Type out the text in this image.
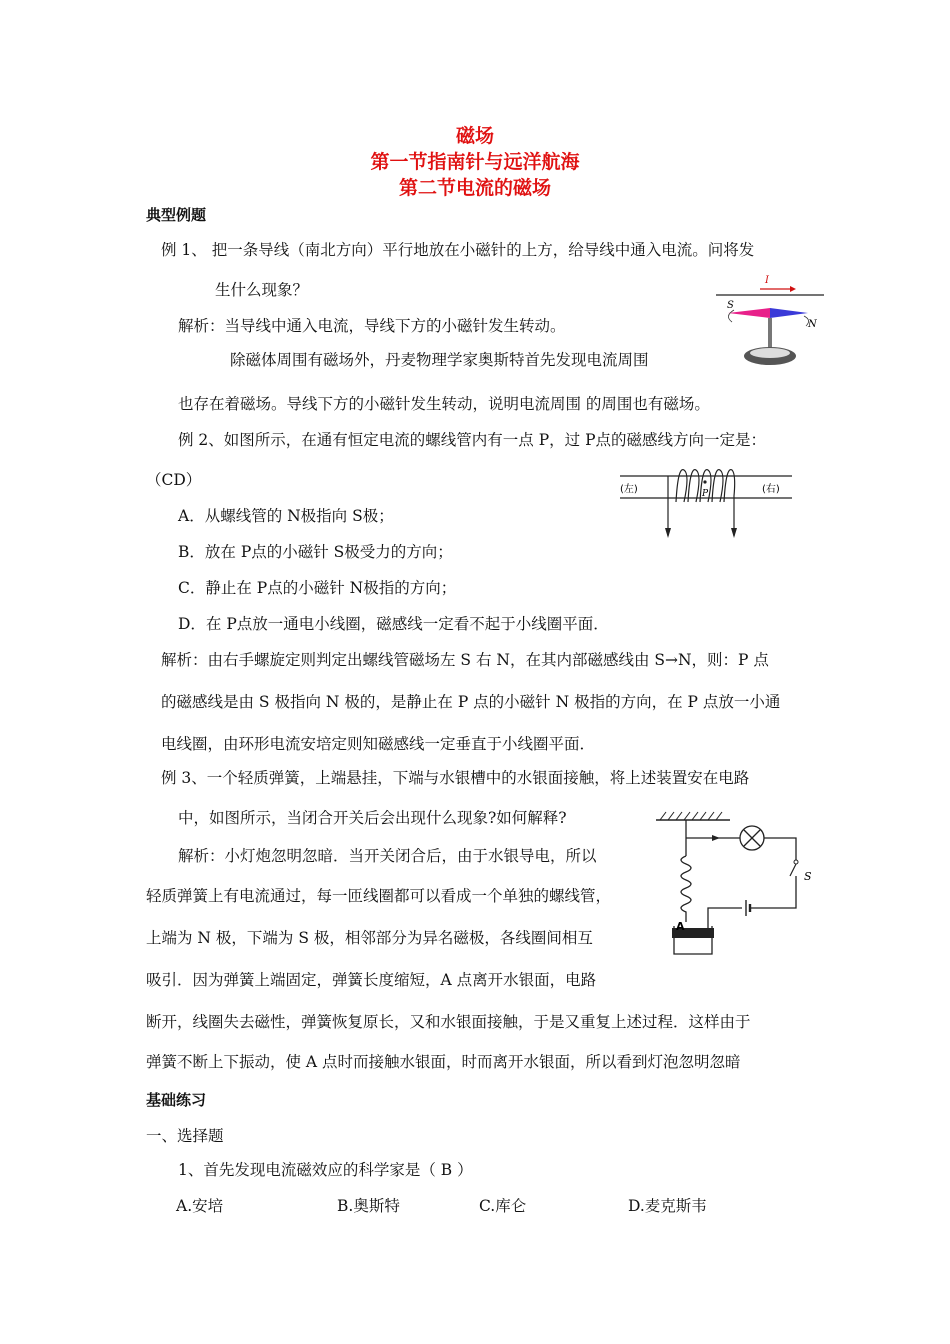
磁场
第一节指南针与远洋航海
第二节电流的磁场
典型例题
例 1、 把一条导线（南北方向）平行地放在小磁针的上方，给导线中通入电流。问将发
生什么现象？
解析：当导线中通入电流，导线下方的小磁针发生转动。
除磁体周围有磁场外，丹麦物理学家奥斯特首先发现电流周围
也存在着磁场。导线下方的小磁针发生转动，说明电流周围 的周围也有磁场。
I
S
N
例 2、如图所示，在通有恒定电流的螺线管内有一点 P，过 P点的磁感线方向一定是：
（CD）
A．从螺线管的 N极指向 S极；
B．放在 P点的小磁针 S极受力的方向；
C．静止在 P点的小磁针 N极指的方向；
D．在 P点放一通电小线圈，磁感线一定看不起于小线圈平面．
解析：由右手螺旋定则判定出螺线管磁场左 S 右 N，在其内部磁感线由 S→N，则：P 点
的磁感线是由 S 极指向 N 极的，是静止在 P 点的小磁针 N 极指的方向，在 P 点放一小通
电线圈，由环形电流安培定则知磁感线一定垂直于小线圈平面．
(左)	(右)
P
例 3、一个轻质弹簧，上端悬挂，下端与水银槽中的水银面接触，将上述装置安在电路
中，如图所示，当闭合开关后会出现什么现象?如何解释?
解析：小灯炮忽明忽暗．当开关闭合后，由于水银导电，所以
轻质弹簧上有电流通过，每一匝线圈都可以看成一个单独的螺线管，
上端为 N 极，下端为 S 极，相邻部分为异名磁极，各线圈间相互
吸引．因为弹簧上端固定，弹簧长度缩短，A 点离开水银面，电路
断开，线圈失去磁性，弹簧恢复原长，又和水银面接触，于是又重复上述过程．这样由于
弹簧不断上下振动，使 A 点时而接触水银面，时而离开水银面，所以看到灯泡忽明忽暗
S
A
基础练习
一、选择题
1、首先发现电流磁效应的科学家是（ B ）
A.安培	B.奥斯特	C.库仑	D.麦克斯韦
